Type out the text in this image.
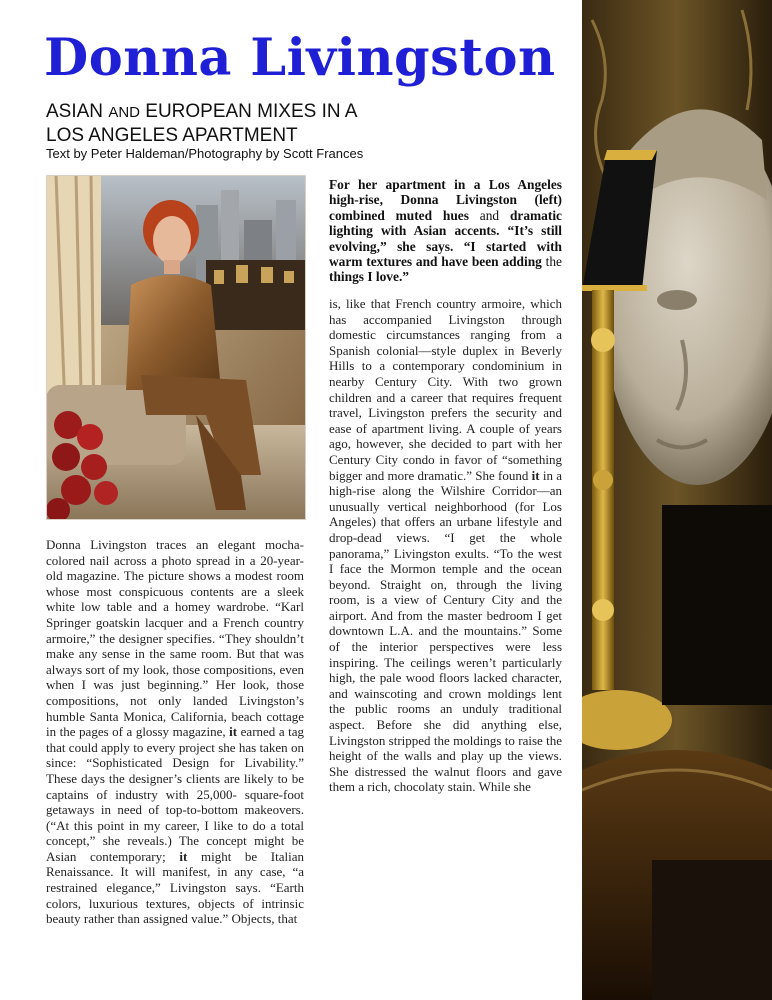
Donna Livingston
ASIAN AND EUROPEAN MIXES IN A
LOS ANGELES APARTMENT
Text by Peter Haldeman/Photography by Scott Frances
For her apartment in a Los Angeles high-rise, Donna Livingston (left) combined muted hues and dramatic lighting with Asian accents. “It’s still evolving,” she says. “I started with warm textures and have been adding the things I love.”
Donna Livingston traces an elegant mocha-colored nail across a photo spread in a 20-year-old magazine. The picture shows a modest room whose most conspicuous contents are a sleek white low table and a homey wardrobe. “Karl Springer goatskin lacquer and a French country armoire,” the designer specifies. “They shouldn’t make any sense in the same room. But that was always sort of my look, those compositions, even when I was just beginning.” Her look, those compositions, not only landed Livingston’s humble Santa Monica, California, beach cottage in the pages of a glossy magazine, it earned a tag that could apply to every project she has taken on since: “Sophisticated Design for Livability.” These days the designer’s clients are likely to be captains of industry with 25,000- square-foot getaways in need of top-to-bottom makeovers. (“At this point in my career, I like to do a total concept,” she reveals.) The concept might be Asian contemporary; it might be Italian Renaissance. It will manifest, in any case, “a restrained elegance,” Livingston says. “Earth colors, luxurious textures, objects of intrinsic beauty rather than assigned value.” Objects, that
is, like that French country armoire, which has accompanied Livingston through domestic circumstances ranging from a Spanish colonial—style duplex in Beverly Hills to a contemporary condominium in nearby Century City. With two grown children and a career that requires frequent travel, Livingston prefers the security and ease of apartment living. A couple of years ago, however, she decided to part with her Century City condo in favor of “something bigger and more dramatic.” She found it in a high-rise along the Wilshire Corridor—an unusually vertical neighborhood (for Los Angeles) that offers an urbane lifestyle and drop-dead views. “I get the whole panorama,” Livingston exults. “To the west I face the Mormon temple and the ocean beyond. Straight on, through the living room, is a view of Century City and the airport. And from the master bedroom I get downtown L.A. and the mountains.” Some of the interior perspectives were less inspiring. The ceilings weren’t particularly high, the pale wood floors lacked character, and wainscoting and crown moldings lent the public rooms an unduly traditional aspect. Before she did anything else, Livingston stripped the moldings to raise the height of the walls and play up the views. She distressed the walnut floors and gave them a rich, chocolaty stain. While she
